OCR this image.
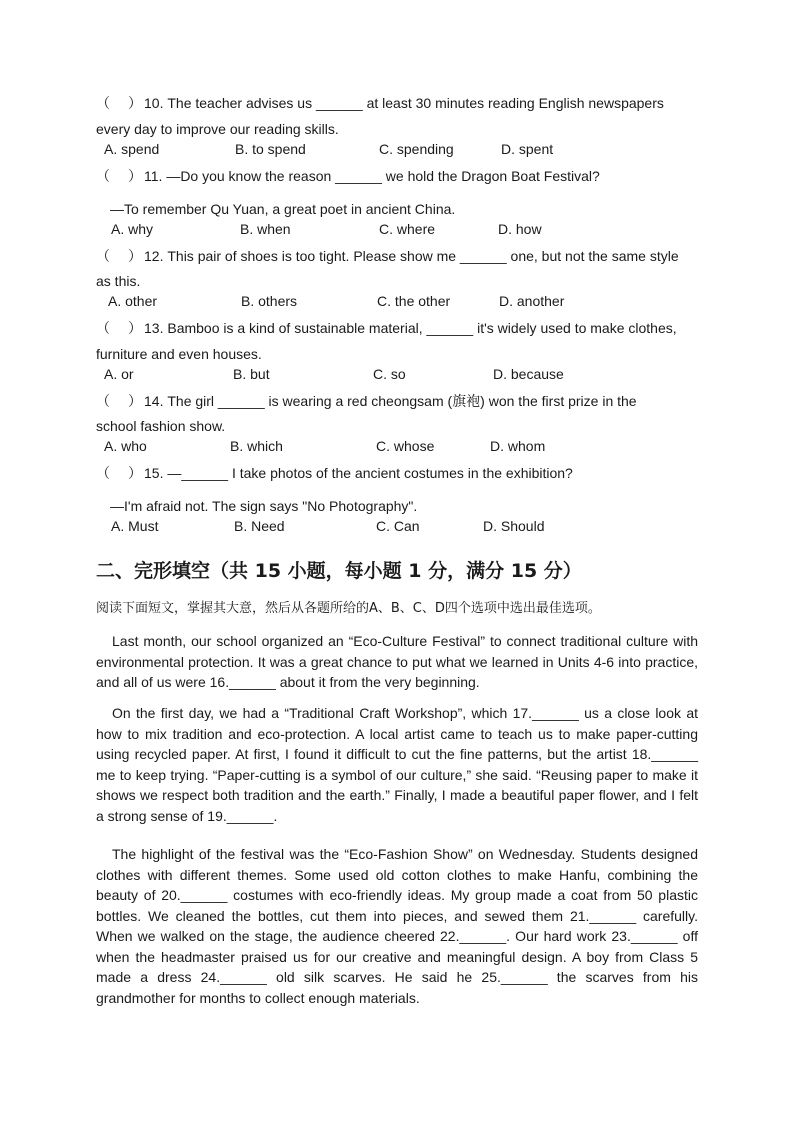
（　）10. The teacher advises us ______ at least 30 minutes reading English newspapers
every day to improve our reading skills.
A. spend	B. to spend	C. spending	D. spent
（　）11. —Do you know the reason ______ we hold the Dragon Boat Festival?
—To remember Qu Yuan, a great poet in ancient China.
A. why	B. when	C. where	D. how
（　）12. This pair of shoes is too tight. Please show me ______ one, but not the same style
as this.
A. other	B. others	C. the other	D. another
（　）13. Bamboo is a kind of sustainable material, ______ it's widely used to make clothes,
furniture and even houses.
A. or	B. but	C. so	D. because
（　）14. The girl ______ is wearing a red cheongsam (旗袍) won the first prize in the
school fashion show.
A. who	B. which	C. whose	D. whom
（　）15. —______ I take photos of the ancient costumes in the exhibition?
—I'm afraid not. The sign says "No Photography".
A. Must	B. Need	C. Can	D. Should
二、完形填空（共 15 小题，每小题 1 分，满分 15 分）
阅读下面短文，掌握其大意，然后从各题所给的A、B、C、D四个选项中选出最佳选项。
Last month, our school organized an “Eco-Culture Festival” to connect traditional culture with environmental protection. It was a great chance to put what we learned in Units 4-6 into practice, and all of us were 16.______ about it from the very beginning.
On the first day, we had a “Traditional Craft Workshop”, which 17.______ us a close look at how to mix tradition and eco-protection. A local artist came to teach us to make paper-cutting using recycled paper. At first, I found it difficult to cut the fine patterns, but the artist 18.______ me to keep trying. “Paper-cutting is a symbol of our culture,” she said. “Reusing paper to make it shows we respect both tradition and the earth.” Finally, I made a beautiful paper flower, and I felt a strong sense of 19.______.
The highlight of the festival was the “Eco-Fashion Show” on Wednesday. Students designed clothes with different themes. Some used old cotton clothes to make Hanfu, combining the beauty of 20.______ costumes with eco-friendly ideas. My group made a coat from 50 plastic bottles. We cleaned the bottles, cut them into pieces, and sewed them 21.______ carefully. When we walked on the stage, the audience cheered 22.______. Our hard work 23.______ off when the headmaster praised us for our creative and meaningful design. A boy from Class 5 made a dress 24.______ old silk scarves. He said he 25.______ the scarves from his grandmother for months to collect enough materials.
